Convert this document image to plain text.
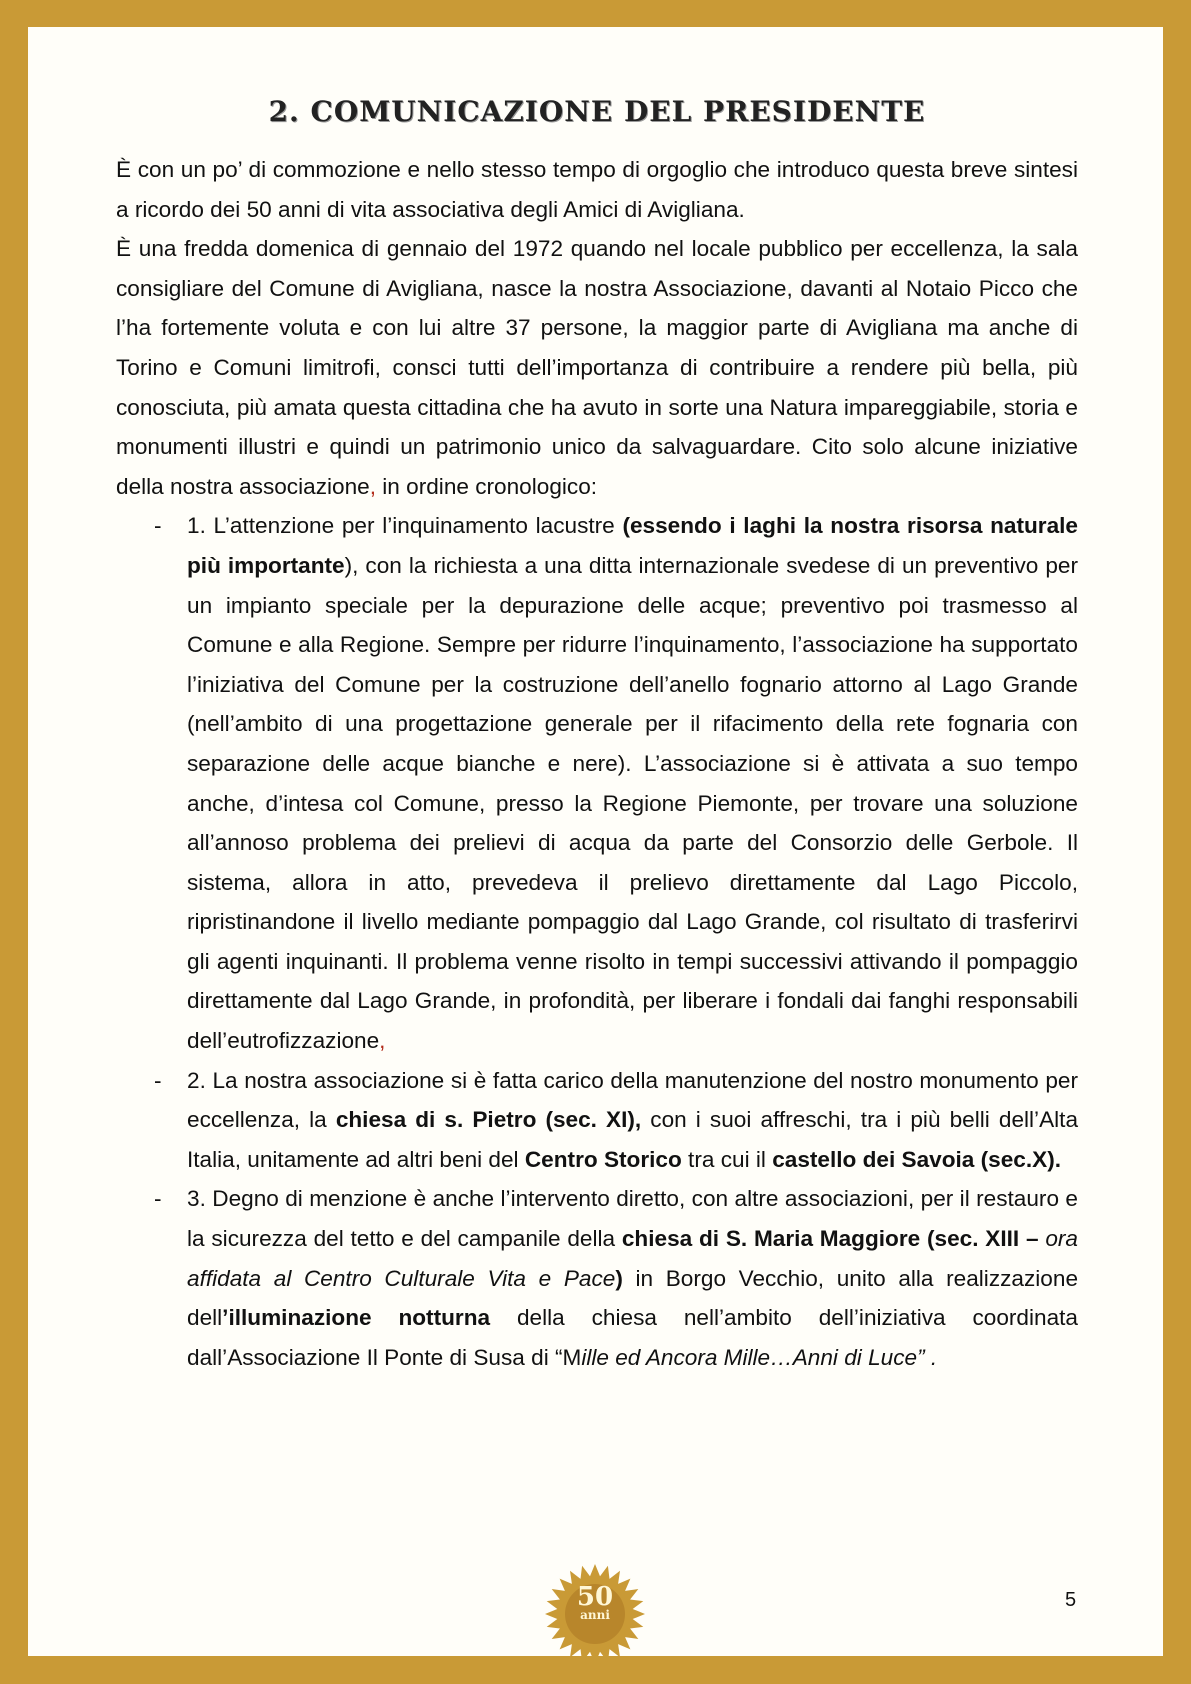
2. COMUNICAZIONE DEL PRESIDENTE

È con un po’ di commozione e nello stesso tempo di orgoglio che introduco questa breve sintesi a ricordo dei 50 anni di vita associativa degli Amici di Avigliana.

È una fredda domenica di gennaio del 1972 quando nel locale pubblico per eccellenza, la sala consigliare del Comune di Avigliana, nasce la nostra Associazione, davanti al Notaio Picco che l’ha fortemente voluta e con lui altre 37 persone, la maggior parte di Avigliana ma anche di Torino e Comuni limitrofi, consci tutti dell’importanza di contribuire a rendere più bella, più conosciuta, più amata questa cittadina che ha avuto in sorte una Natura impareggiabile, storia e monumenti illustri e quindi un patrimonio unico da salvaguardare. Cito solo alcune iniziative della nostra associazione, in ordine cronologico:

- 1. L’attenzione per l’inquinamento lacustre (essendo i laghi la nostra risorsa naturale più importante), con la richiesta a una ditta internazionale svedese di un preventivo per un impianto speciale per la depurazione delle acque; preventivo poi trasmesso al Comune e alla Regione. Sempre per ridurre l’inquinamento, l’associazione ha supportato l’iniziativa del Comune per la costruzione dell’anello fognario attorno al Lago Grande (nell’ambito di una progettazione generale per il rifacimento della rete fognaria con separazione delle acque bianche e nere). L’associazione si è attivata a suo tempo anche, d’intesa col Comune, presso la Regione Piemonte, per trovare una soluzione all’annoso problema dei prelievi di acqua da parte del Consorzio delle Gerbole. Il sistema, allora in atto, prevedeva il prelievo direttamente dal Lago Piccolo, ripristinandone il livello mediante pompaggio dal Lago Grande, col risultato di trasferirvi gli agenti inquinanti. Il problema venne risolto in tempi successivi attivando il pompaggio direttamente dal Lago Grande, in profondità, per liberare i fondali dai fanghi responsabili dell’eutrofizzazione,

- 2. La nostra associazione si è fatta carico della manutenzione del nostro monumento per eccellenza, la chiesa di s. Pietro (sec. XI), con i suoi affreschi, tra i più belli dell’Alta Italia, unitamente ad altri beni del Centro Storico tra cui il castello dei Savoia (sec.X).

- 3. Degno di menzione è anche l’intervento diretto, con altre associazioni, per il restauro e la sicurezza del tetto e del campanile della chiesa di S. Maria Maggiore (sec. XIII – ora affidata al Centro Culturale Vita e Pace) in Borgo Vecchio, unito alla realizzazione dell’illuminazione notturna della chiesa nell’ambito dell’iniziativa coordinata dall’Associazione Il Ponte di Susa di “Mille ed Ancora Mille…Anni di Luce” .

50
anni
5
